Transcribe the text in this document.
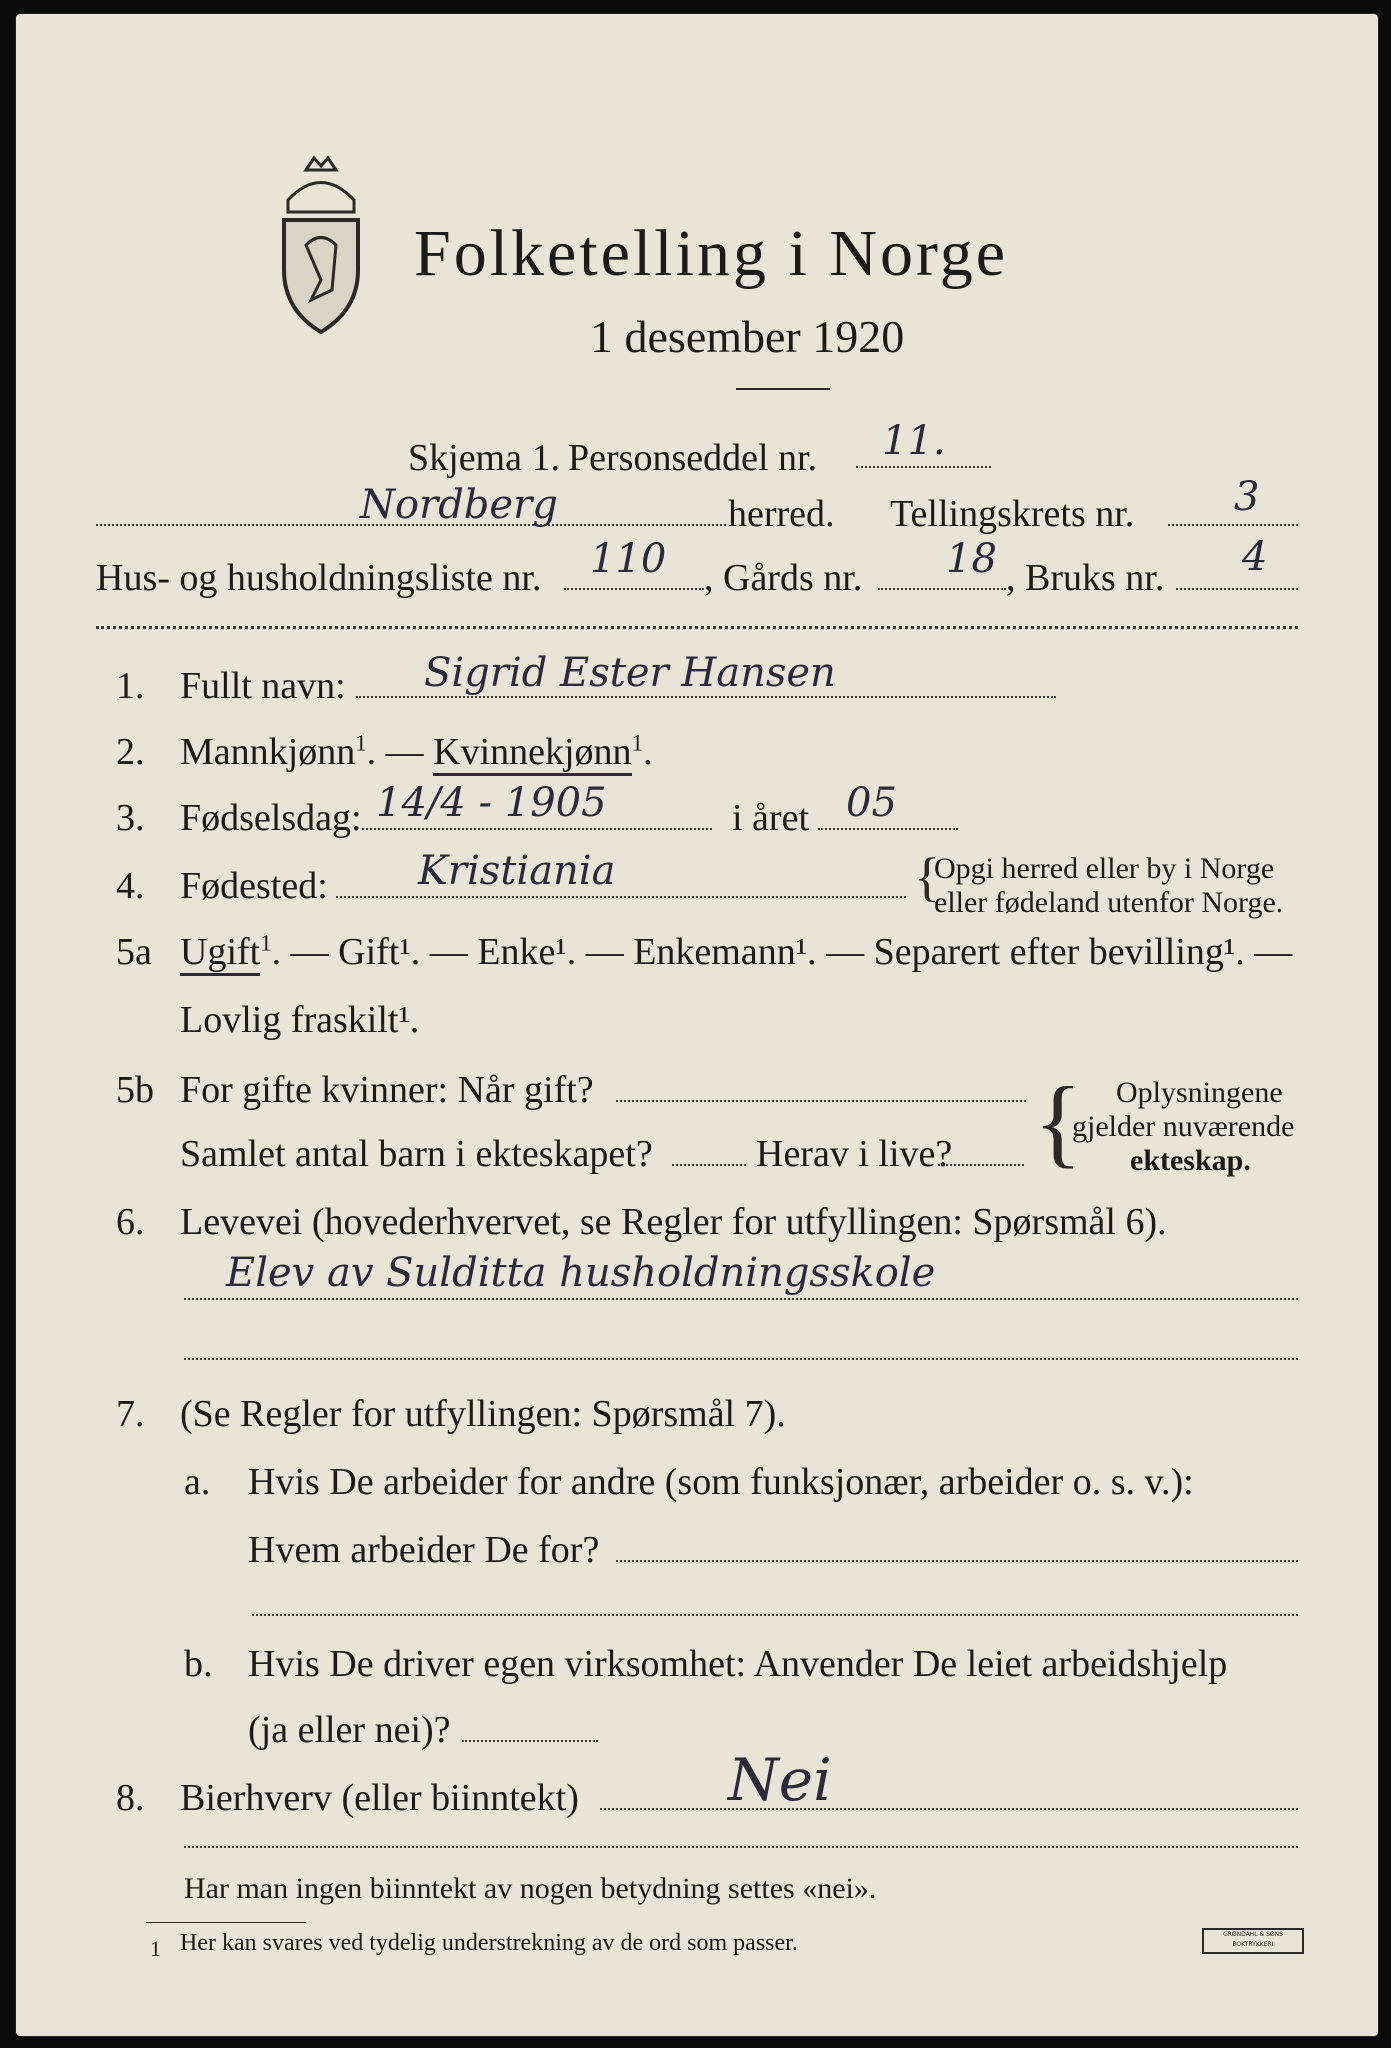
Folketelling i Norge
1 desember 1920
Skjema 1. Personseddel nr. 11.
Nordberg	herred. Tellingskrets nr. 3
Hus- og husholdningsliste nr. 110 , Gårds nr. 18 , Bruks nr. 4
1. Fullt navn: Sigrid Ester Hansen
2. Mannkjønn$^1$. — Kvinnekjønn$^1$.
3. Fødselsdag: 14/4 - 1905	i året 05
4. Fødested: Kristiania	{
Opgi herred eller by i Norge
eller fødeland utenfor Norge.
5a Ugift$^1$. — Gift¹. — Enke¹. — Enkemann¹. — Separert efter bevilling¹. —
Lovlig fraskilt¹.
5b For gifte kvinner: Når gift?
Samlet antal barn i ekteskapet?	Herav i live? { Oplysningene
gjelder nuværende
ekteskap.
6. Levevei (hovederhvervet, se Regler for utfyllingen: Spørsmål 6).
Elev av Sulditta husholdningsskole
7. (Se Regler for utfyllingen: Spørsmål 7).
a. Hvis De arbeider for andre (som funksjonær, arbeider o. s. v.):
Hvem arbeider De for?
b. Hvis De driver egen virksomhet: Anvender De leiet arbeidshjelp
(ja eller nei)?
8. Bierhverv (eller biinntekt)	Nei
Har man ingen biinntekt av nogen betydning settes «nei».
1 Her kan svares ved tydelig understrekning av de ord som passer.	GRØNDAHL & SØNS BOKTRYKKERI
